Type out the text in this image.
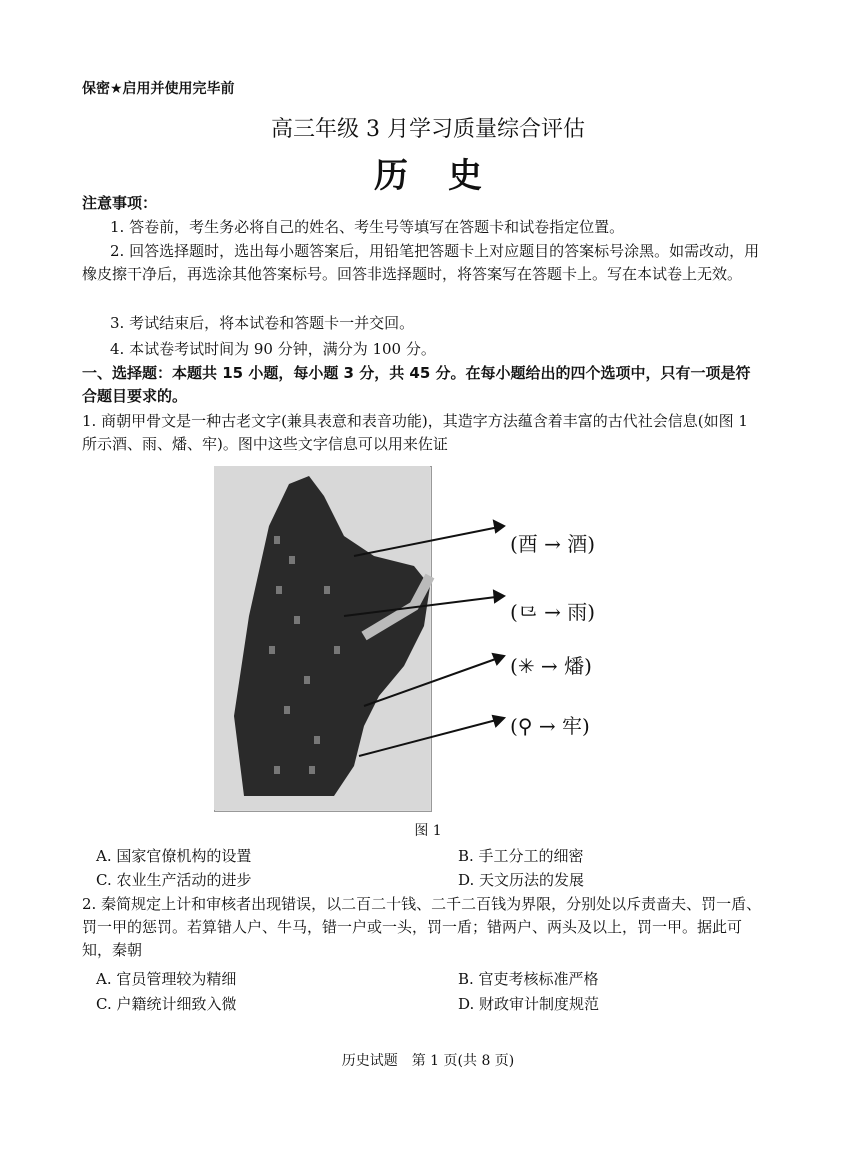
保密★启用并使用完毕前
高三年级 3 月学习质量综合评估
历史
注意事项：
1. 答卷前，考生务必将自己的姓名、考生号等填写在答题卡和试卷指定位置。
2. 回答选择题时，选出每小题答案后，用铅笔把答题卡上对应题目的答案标号涂黑。如需改动，用橡皮擦干净后，再选涂其他答案标号。回答非选择题时，将答案写在答题卡上。写在本试卷上无效。
3. 考试结束后，将本试卷和答题卡一并交回。
4. 本试卷考试时间为 90 分钟，满分为 100 分。
一、选择题：本题共 15 小题，每小题 3 分，共 45 分。在每小题给出的四个选项中，只有一项是符合题目要求的。
1. 商朝甲骨文是一种古老文字(兼具表意和表音功能)，其造字方法蕴含着丰富的古代社会信息(如图 1 所示酒、雨、燔、牢)。图中这些文字信息可以用来佐证
(酉 → 酒)
(⺋ → 雨)
(✳ → 燔)
(⚲ → 牢)
图 1
A. 国家官僚机构的设置	B. 手工分工的细密
C. 农业生产活动的进步	D. 天文历法的发展
2. 秦简规定上计和审核者出现错误，以二百二十钱、二千二百钱为界限，分别处以斥责啬夫、罚一盾、罚一甲的惩罚。若算错人户、牛马，错一户或一头，罚一盾；错两户、两头及以上，罚一甲。据此可知，秦朝
A. 官员管理较为精细	B. 官吏考核标准严格
C. 户籍统计细致入微	D. 财政审计制度规范
历史试题　第 1 页(共 8 页)
